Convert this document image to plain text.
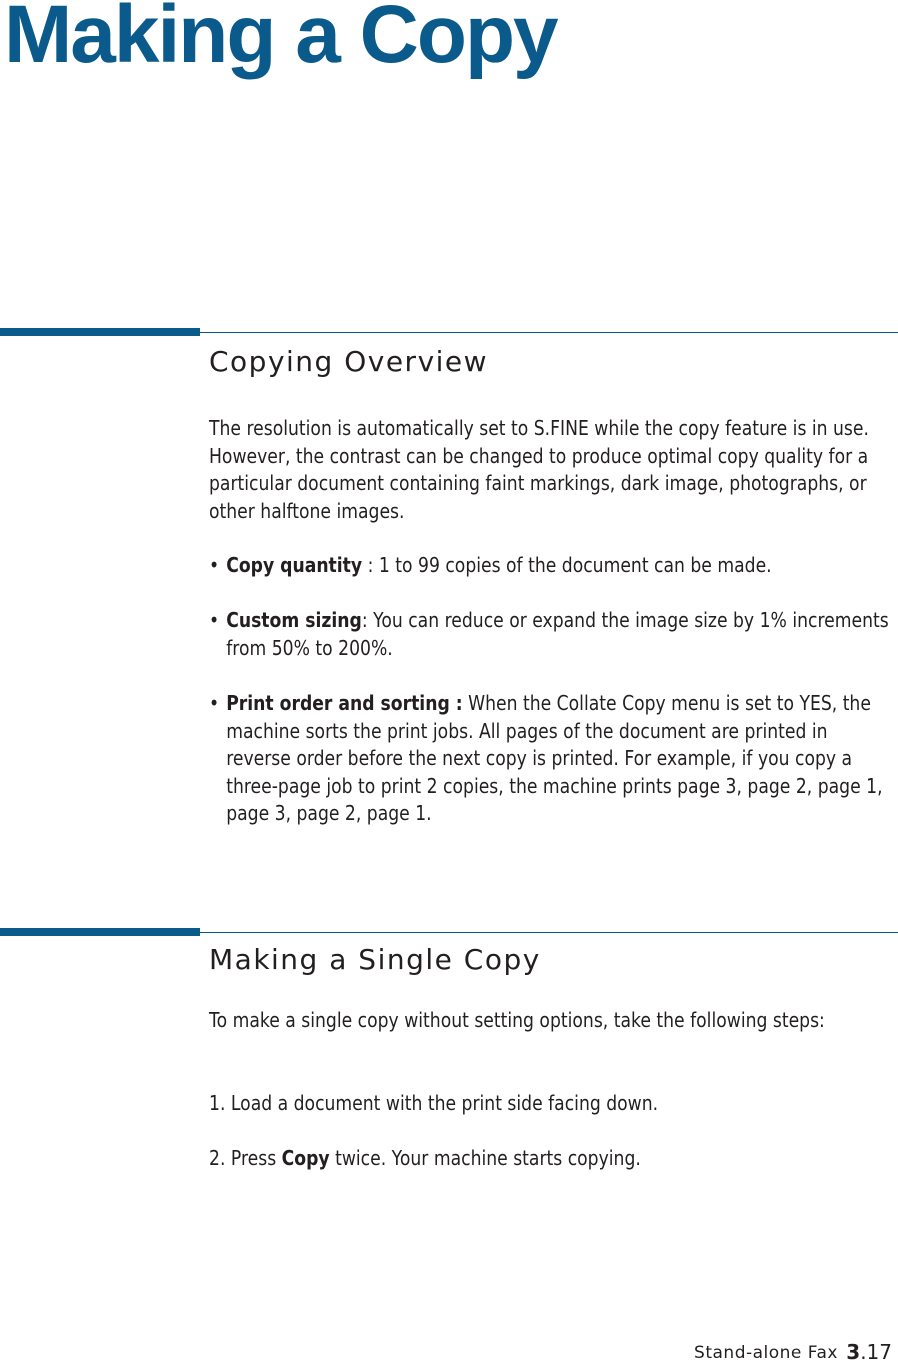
Making a Copy
Copying Overview
The resolution is automatically set to S.FINE while the copy feature is in use. However, the contrast can be changed to produce optimal copy quality for a particular document containing faint markings, dark image, photographs, or other halftone images.
• Copy quantity : 1 to 99 copies of the document can be made.
• Custom sizing: You can reduce or expand the image size by 1% increments from 50% to 200%.
• Print order and sorting : When the Collate Copy menu is set to YES, the machine sorts the print jobs. All pages of the document are printed in reverse order before the next copy is printed. For example, if you copy a three-page job to print 2 copies, the machine prints page 3, page 2, page 1, page 3, page 2, page 1.
Making a Single Copy
To make a single copy without setting options, take the following steps:
1. Load a document with the print side facing down.
2. Press Copy twice. Your machine starts copying.
Stand-alone Fax 3.17
